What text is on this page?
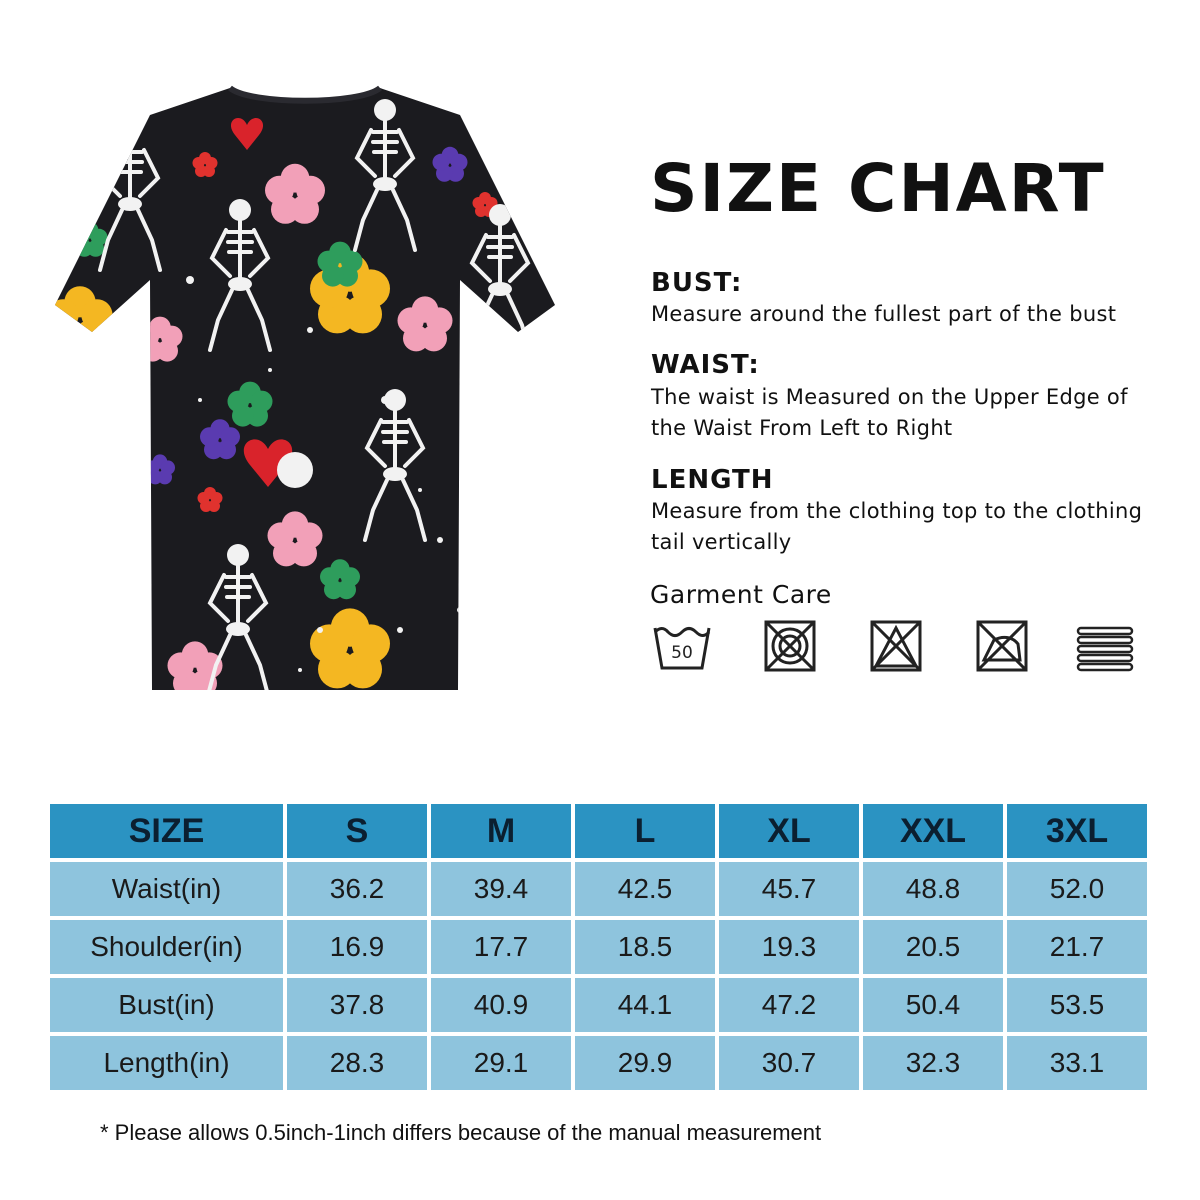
SIZE CHART
BUST:
Measure around the fullest part of the bust
WAIST:
The waist is Measured on the Upper Edge of the Waist From Left to Right
LENGTH
Measure from the clothing top to the clothing tail vertically
Garment Care
50
SIZE	S	M	L	XL	XXL	3XL
Waist(in)	36.2	39.4	42.5	45.7	48.8	52.0
Shoulder(in)	16.9	17.7	18.5	19.3	20.5	21.7
Bust(in)	37.8	40.9	44.1	47.2	50.4	53.5
Length(in)	28.3	29.1	29.9	30.7	32.3	33.1
* Please allows 0.5inch-1inch differs because of the manual measurement
